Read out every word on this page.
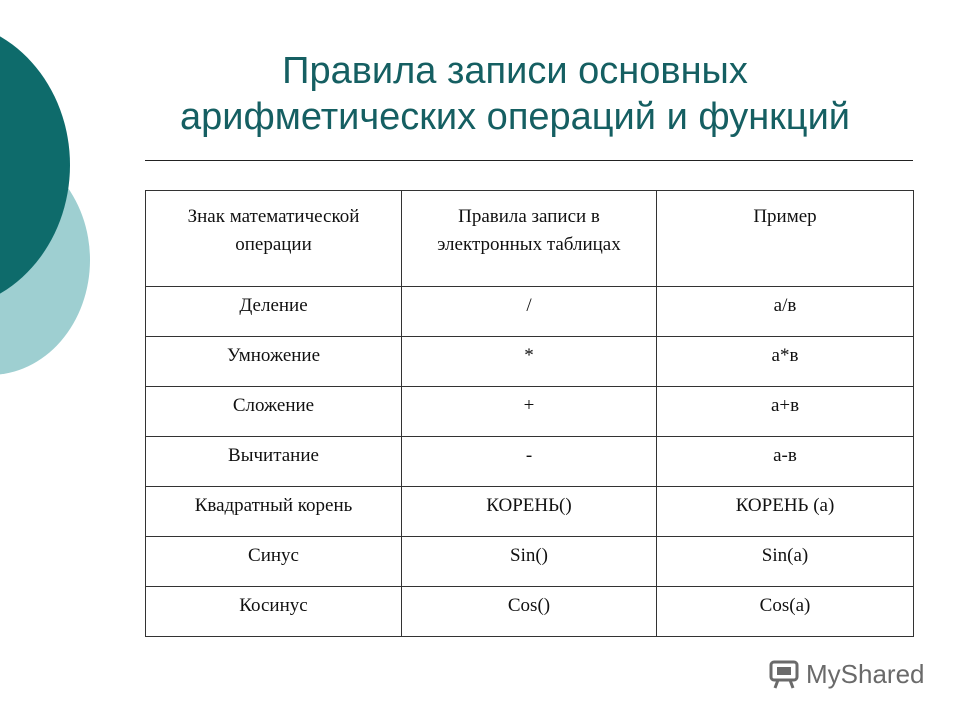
Правила записи основных
арифметических операций и функций
Знак математической операции	Правила записи в электронных таблицах	Пример
Деление	/	а/в
Умножение	*	а*в
Сложение	+	а+в
Вычитание	-	а-в
Квадратный корень	КОРЕНЬ()	КОРЕНЬ (а)
Синус	Sin()	Sin(а)
Косинус	Cos()	Cos(а)
MyShared
